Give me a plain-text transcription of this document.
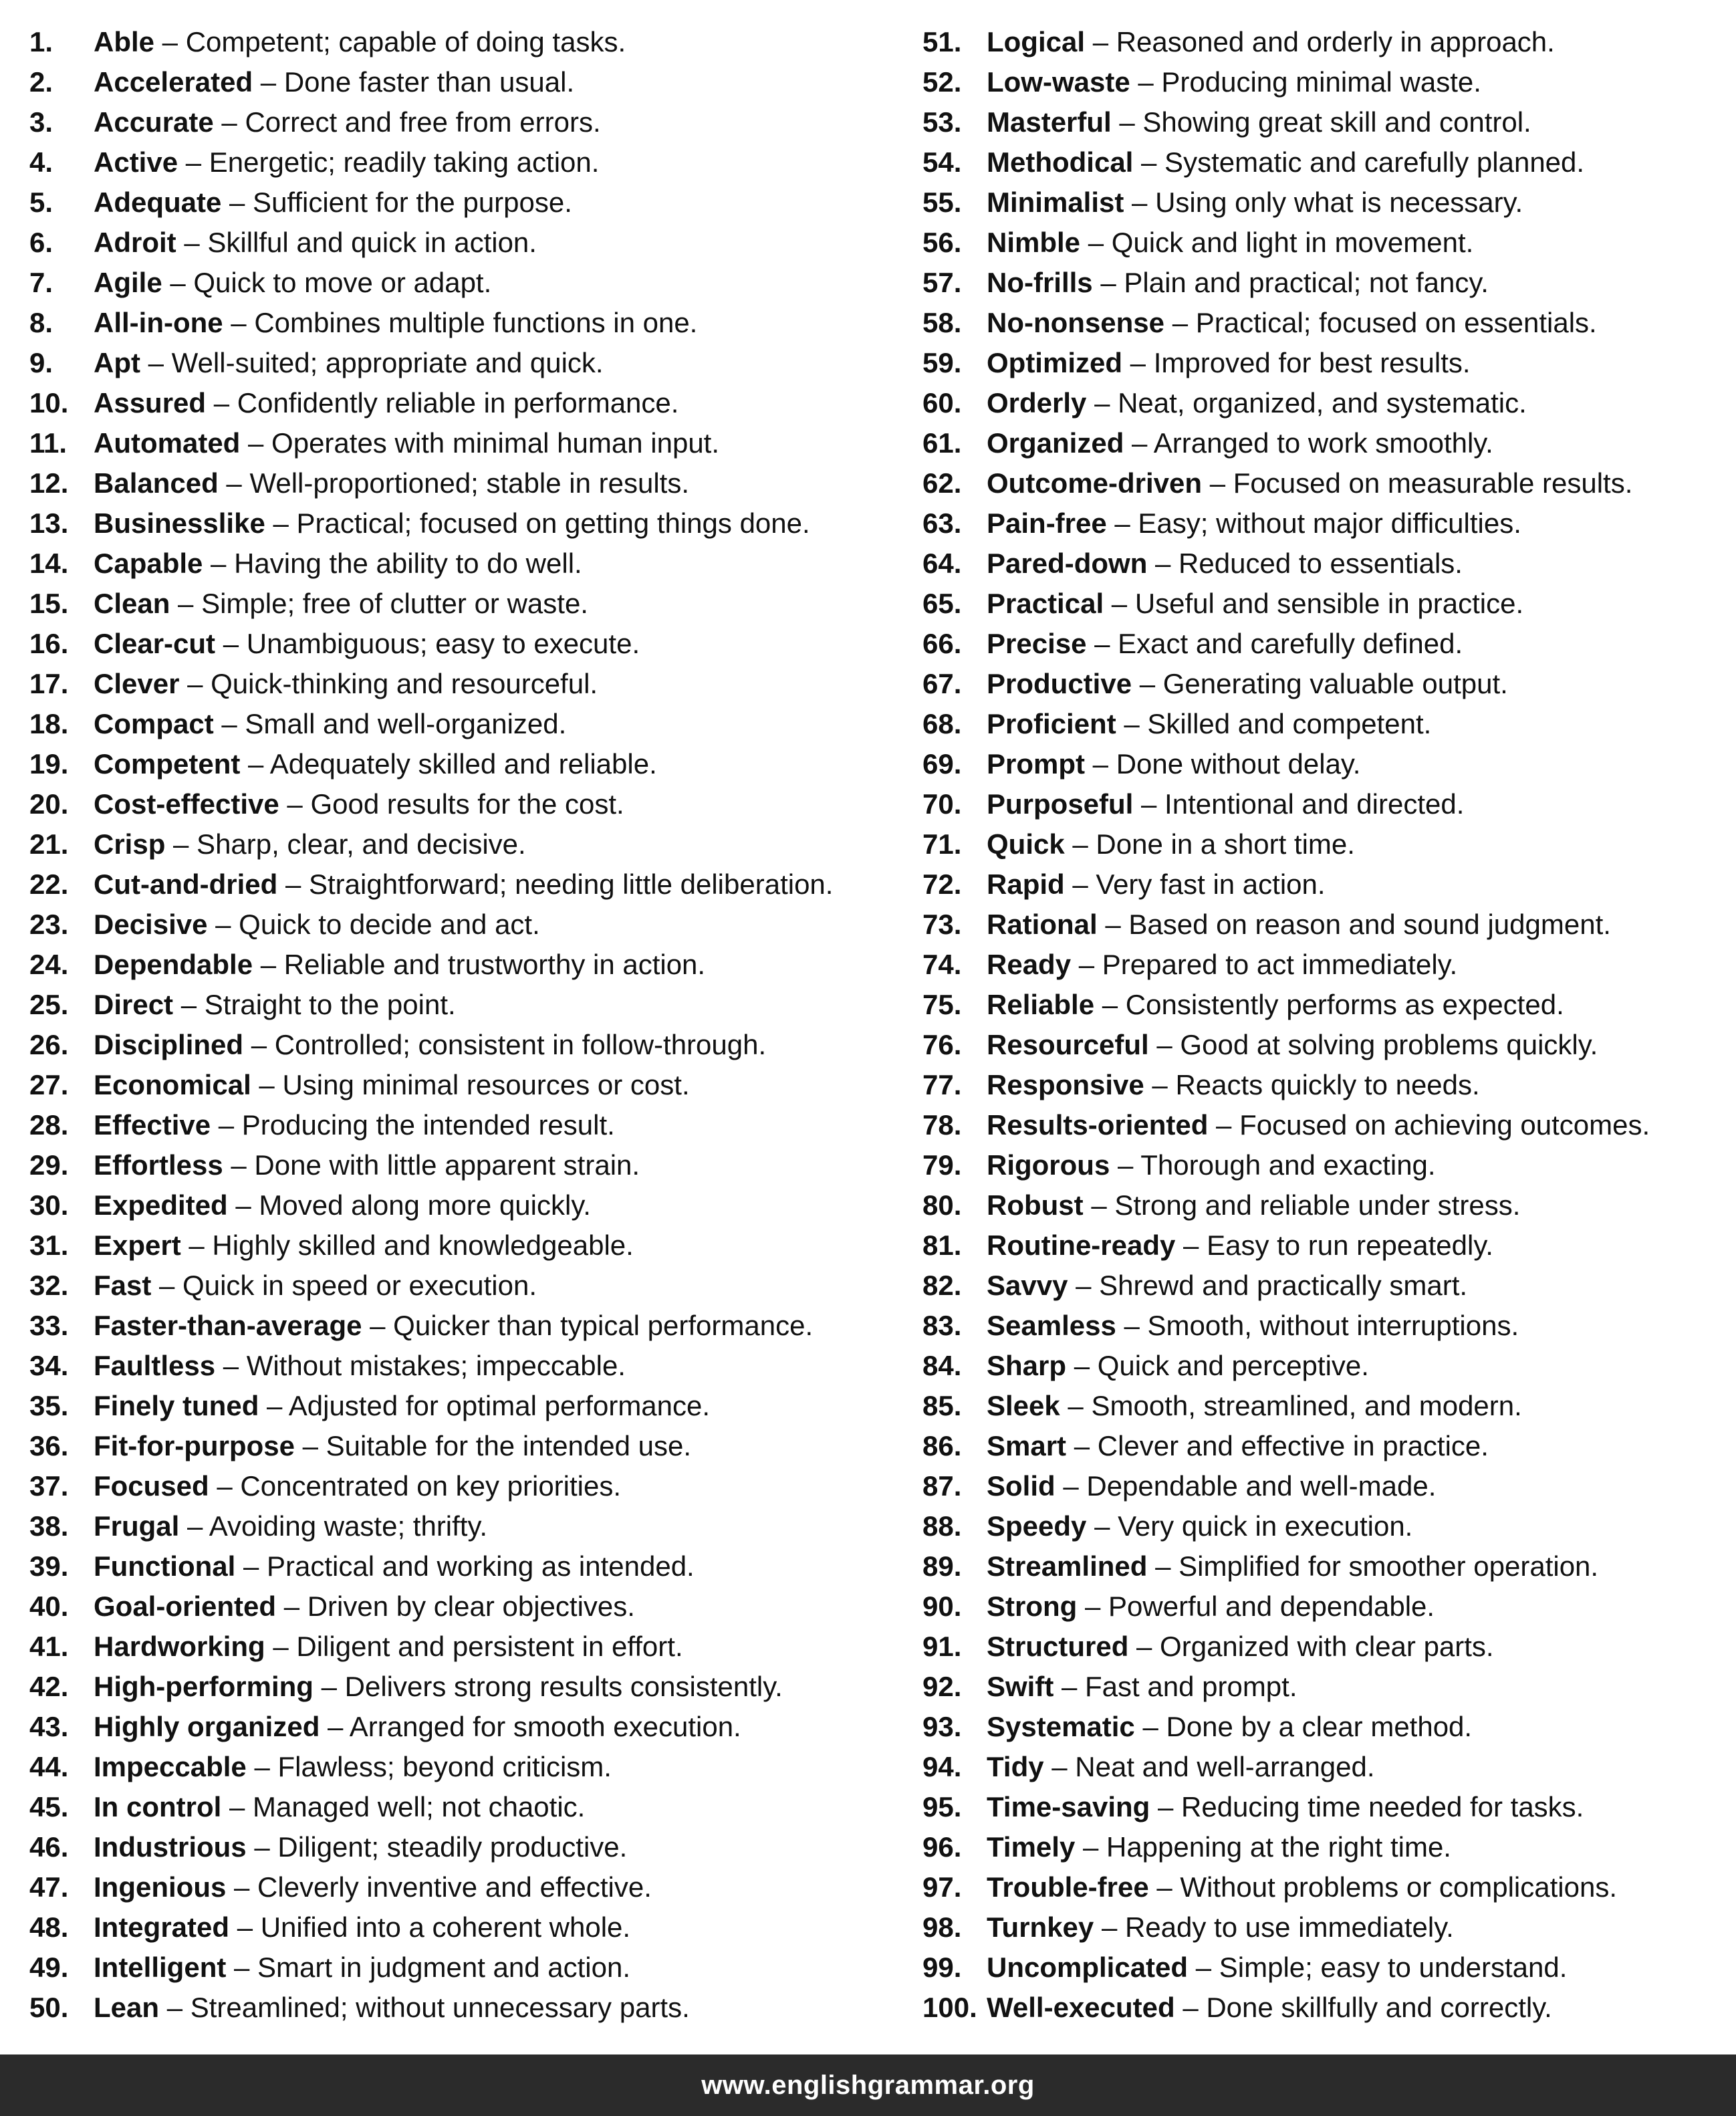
1.	Able – Competent; capable of doing tasks.
2.	Accelerated – Done faster than usual.
3.	Accurate – Correct and free from errors.
4.	Active – Energetic; readily taking action.
5.	Adequate – Sufficient for the purpose.
6.	Adroit – Skillful and quick in action.
7.	Agile – Quick to move or adapt.
8.	All-in-one – Combines multiple functions in one.
9.	Apt – Well-suited; appropriate and quick.
10. Assured – Confidently reliable in performance.
11. Automated – Operates with minimal human input.
12. Balanced – Well-proportioned; stable in results.
13. Businesslike – Practical; focused on getting things done.
14. Capable – Having the ability to do well.
15. Clean – Simple; free of clutter or waste.
16. Clear-cut – Unambiguous; easy to execute.
17. Clever – Quick-thinking and resourceful.
18. Compact – Small and well-organized.
19. Competent – Adequately skilled and reliable.
20. Cost-effective – Good results for the cost.
21. Crisp – Sharp, clear, and decisive.
22. Cut-and-dried – Straightforward; needing little deliberation.
23. Decisive – Quick to decide and act.
24. Dependable – Reliable and trustworthy in action.
25. Direct – Straight to the point.
26. Disciplined – Controlled; consistent in follow-through.
27. Economical – Using minimal resources or cost.
28. Effective – Producing the intended result.
29. Effortless – Done with little apparent strain.
30. Expedited – Moved along more quickly.
31. Expert – Highly skilled and knowledgeable.
32. Fast – Quick in speed or execution.
33. Faster-than-average – Quicker than typical performance.
34. Faultless – Without mistakes; impeccable.
35. Finely tuned – Adjusted for optimal performance.
36. Fit-for-purpose – Suitable for the intended use.
37. Focused – Concentrated on key priorities.
38. Frugal – Avoiding waste; thrifty.
39. Functional – Practical and working as intended.
40. Goal-oriented – Driven by clear objectives.
41. Hardworking – Diligent and persistent in effort.
42. High-performing – Delivers strong results consistently.
43. Highly organized – Arranged for smooth execution.
44. Impeccable – Flawless; beyond criticism.
45. In control – Managed well; not chaotic.
46. Industrious – Diligent; steadily productive.
47. Ingenious – Cleverly inventive and effective.
48. Integrated – Unified into a coherent whole.
49. Intelligent – Smart in judgment and action.
50. Lean – Streamlined; without unnecessary parts.
51. Logical – Reasoned and orderly in approach.
52. Low-waste – Producing minimal waste.
53. Masterful – Showing great skill and control.
54. Methodical – Systematic and carefully planned.
55. Minimalist – Using only what is necessary.
56. Nimble – Quick and light in movement.
57. No-frills – Plain and practical; not fancy.
58. No-nonsense – Practical; focused on essentials.
59. Optimized – Improved for best results.
60. Orderly – Neat, organized, and systematic.
61. Organized – Arranged to work smoothly.
62. Outcome-driven – Focused on measurable results.
63. Pain-free – Easy; without major difficulties.
64. Pared-down – Reduced to essentials.
65. Practical – Useful and sensible in practice.
66. Precise – Exact and carefully defined.
67. Productive – Generating valuable output.
68. Proficient – Skilled and competent.
69. Prompt – Done without delay.
70. Purposeful – Intentional and directed.
71. Quick – Done in a short time.
72. Rapid – Very fast in action.
73. Rational – Based on reason and sound judgment.
74. Ready – Prepared to act immediately.
75. Reliable – Consistently performs as expected.
76. Resourceful – Good at solving problems quickly.
77. Responsive – Reacts quickly to needs.
78. Results-oriented – Focused on achieving outcomes.
79. Rigorous – Thorough and exacting.
80. Robust – Strong and reliable under stress.
81. Routine-ready – Easy to run repeatedly.
82. Savvy – Shrewd and practically smart.
83. Seamless – Smooth, without interruptions.
84. Sharp – Quick and perceptive.
85. Sleek – Smooth, streamlined, and modern.
86. Smart – Clever and effective in practice.
87. Solid – Dependable and well-made.
88. Speedy – Very quick in execution.
89. Streamlined – Simplified for smoother operation.
90. Strong – Powerful and dependable.
91. Structured – Organized with clear parts.
92. Swift – Fast and prompt.
93. Systematic – Done by a clear method.
94. Tidy – Neat and well-arranged.
95. Time-saving – Reducing time needed for tasks.
96. Timely – Happening at the right time.
97. Trouble-free – Without problems or complications.
98. Turnkey – Ready to use immediately.
99. Uncomplicated – Simple; easy to understand.
100. Well-executed – Done skillfully and correctly.
www.englishgrammar.org
